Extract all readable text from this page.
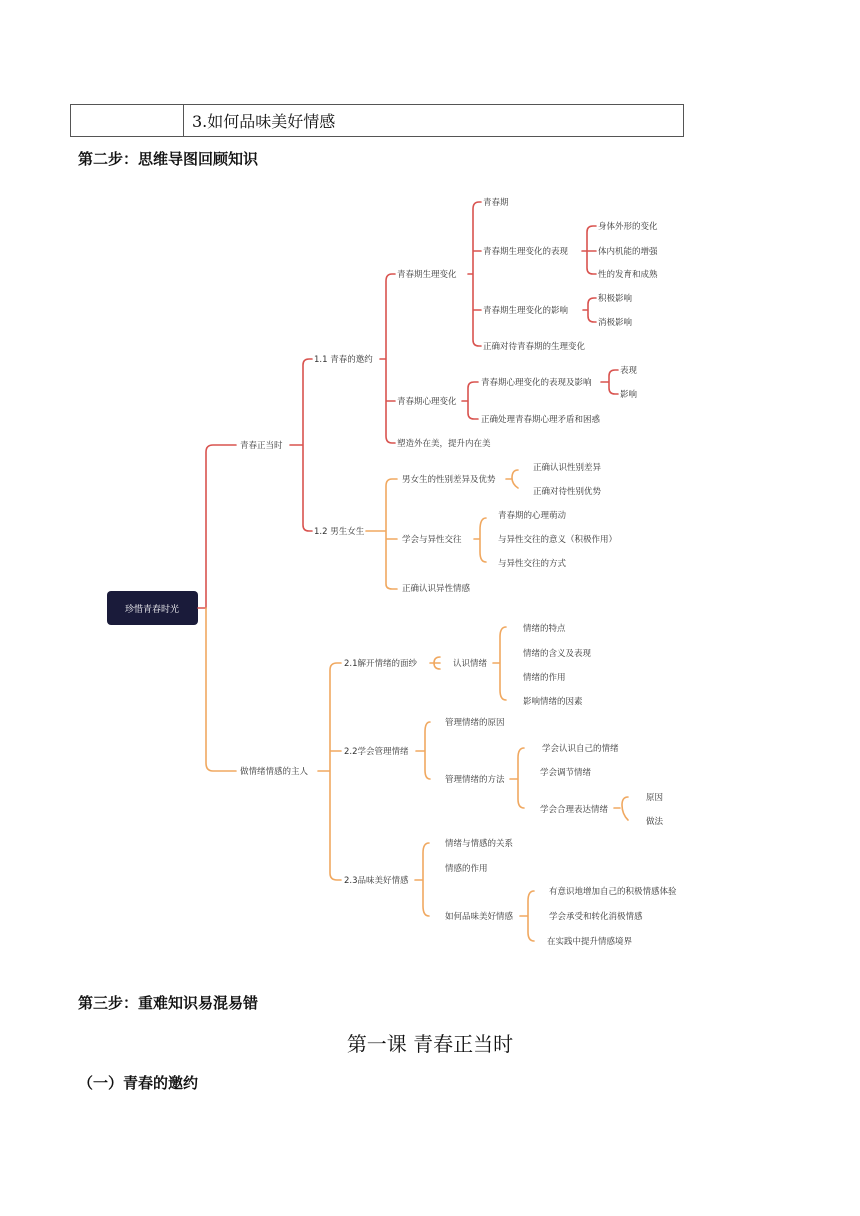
3.如何品味美好情感
第二步：思维导图回顾知识
珍惜青春时光
青春正当时
1.1 青春的邀约
青春期生理变化
青春期
青春期生理变化的表现
身体外形的变化
体内机能的增强
性的发育和成熟
青春期生理变化的影响
积极影响
消极影响
正确对待青春期的生理变化
青春期心理变化
青春期心理变化的表现及影响
表现
影响
正确处理青春期心理矛盾和困惑
塑造外在美，提升内在美
1.2 男生女生
男女生的性别差异及优势
正确认识性别差异
正确对待性别优势
学会与异性交往
青春期的心理萌动
与异性交往的意义（积极作用）
与异性交往的方式
正确认识异性情感
做情绪情感的主人
2.1解开情绪的面纱	认识情绪
情绪的特点
情绪的含义及表现
情绪的作用
影响情绪的因素
2.2学会管理情绪
管理情绪的原因
管理情绪的方法
学会认识自己的情绪
学会调节情绪
学会合理表达情绪
原因
做法
2.3品味美好情感
情绪与情感的关系
情感的作用
如何品味美好情感
有意识地增加自己的积极情感体验
学会承受和转化消极情感
在实践中提升情感境界
第三步：重难知识易混易错
第一课 青春正当时
（一）青春的邀约
